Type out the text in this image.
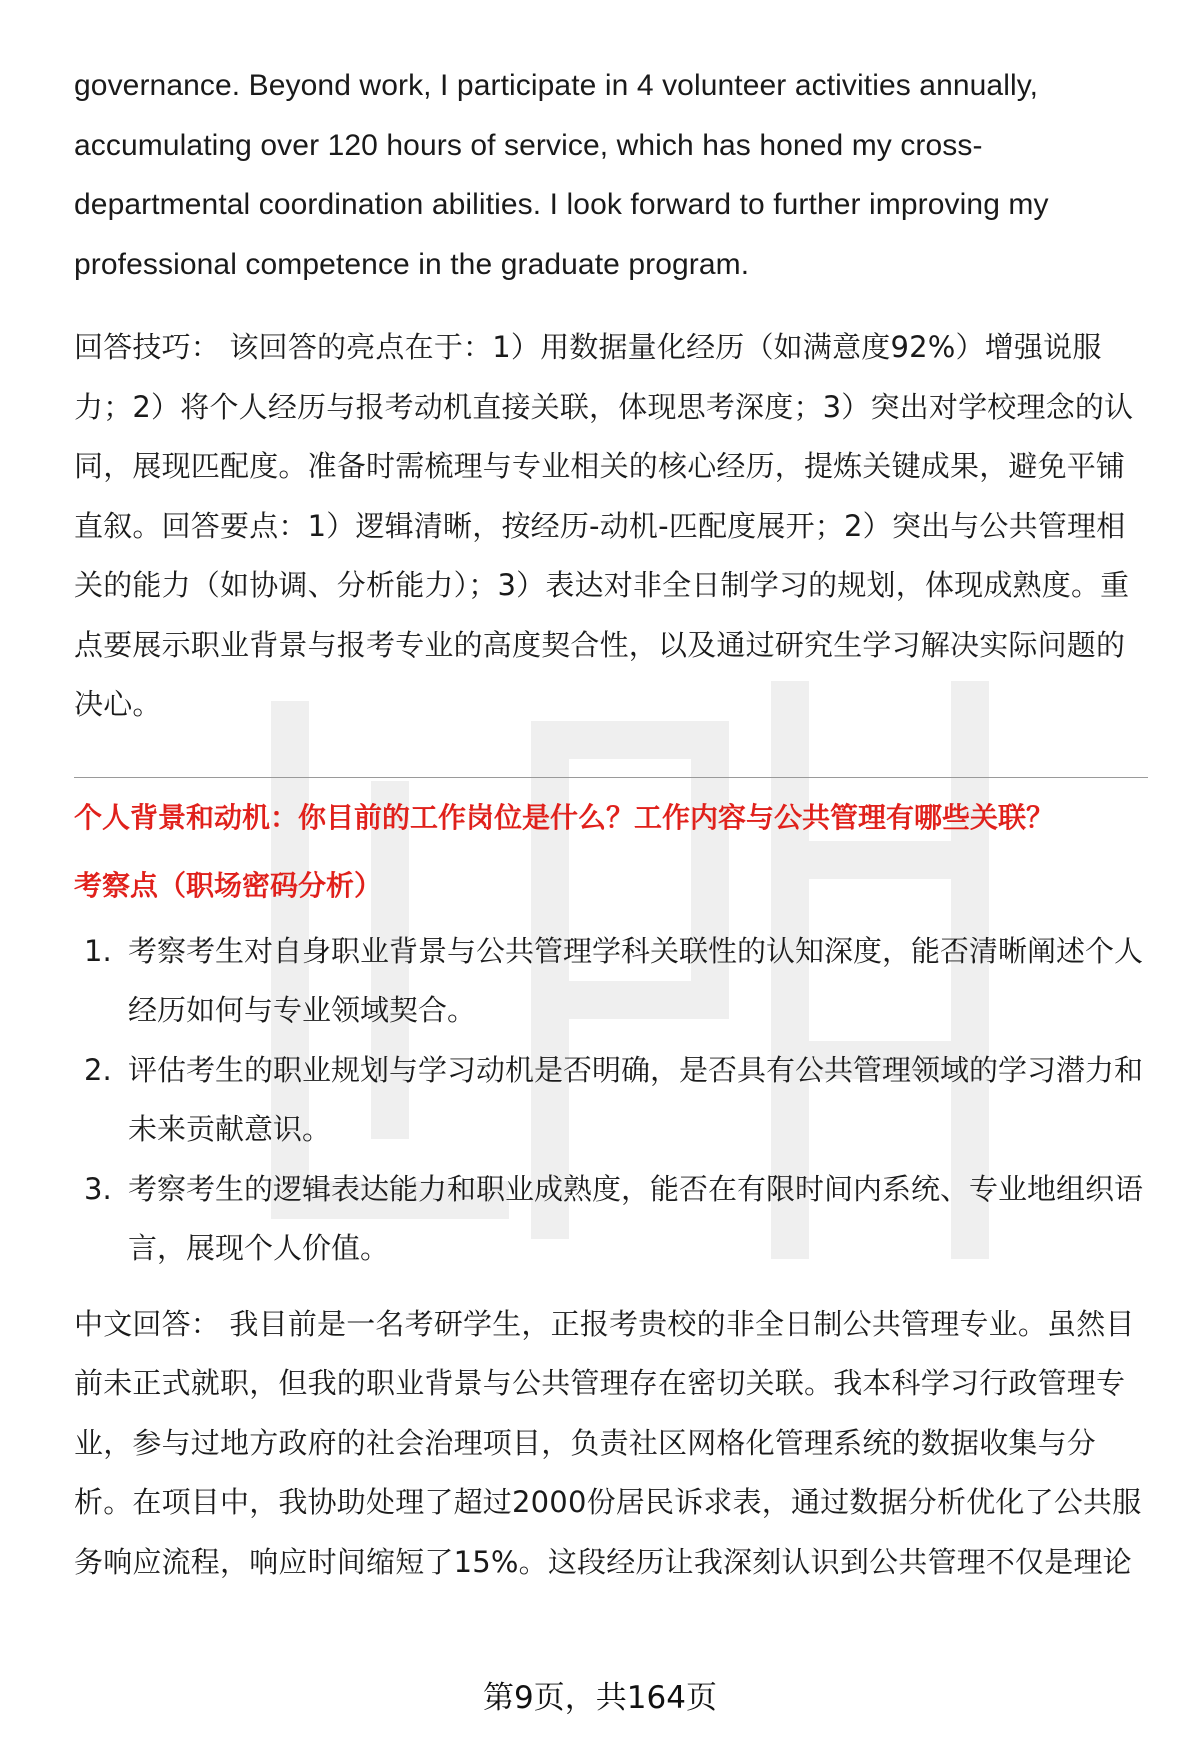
governance. Beyond work, I participate in 4 volunteer activities annually, accumulating over 120 hours of service, which has honed my cross-departmental coordination abilities. I look forward to further improving my professional competence in the graduate program.

回答技巧： 该回答的亮点在于：1）用数据量化经历（如满意度92%）增强说服力；2）将个人经历与报考动机直接关联，体现思考深度；3）突出对学校理念的认同，展现匹配度。准备时需梳理与专业相关的核心经历，提炼关键成果，避免平铺直叙。回答要点：1）逻辑清晰，按经历-动机-匹配度展开；2）突出与公共管理相关的能力（如协调、分析能力）；3）表达对非全日制学习的规划，体现成熟度。重点要展示职业背景与报考专业的高度契合性，以及通过研究生学习解决实际问题的决心。

个人背景和动机：你目前的工作岗位是什么？工作内容与公共管理有哪些关联？

考察点（职场密码分析）

1. 考察考生对自身职业背景与公共管理学科关联性的认知深度，能否清晰阐述个人经历如何与专业领域契合。
2. 评估考生的职业规划与学习动机是否明确，是否具有公共管理领域的学习潜力和未来贡献意识。
3. 考察考生的逻辑表达能力和职业成熟度，能否在有限时间内系统、专业地组织语言，展现个人价值。

中文回答： 我目前是一名考研学生，正报考贵校的非全日制公共管理专业。虽然目前未正式就职，但我的职业背景与公共管理存在密切关联。我本科学习行政管理专业，参与过地方政府的社会治理项目，负责社区网格化管理系统的数据收集与分析。在项目中，我协助处理了超过2000份居民诉求表，通过数据分析优化了公共服务响应流程，响应时间缩短了15%。这段经历让我深刻认识到公共管理不仅是理论

第9页，共164页
